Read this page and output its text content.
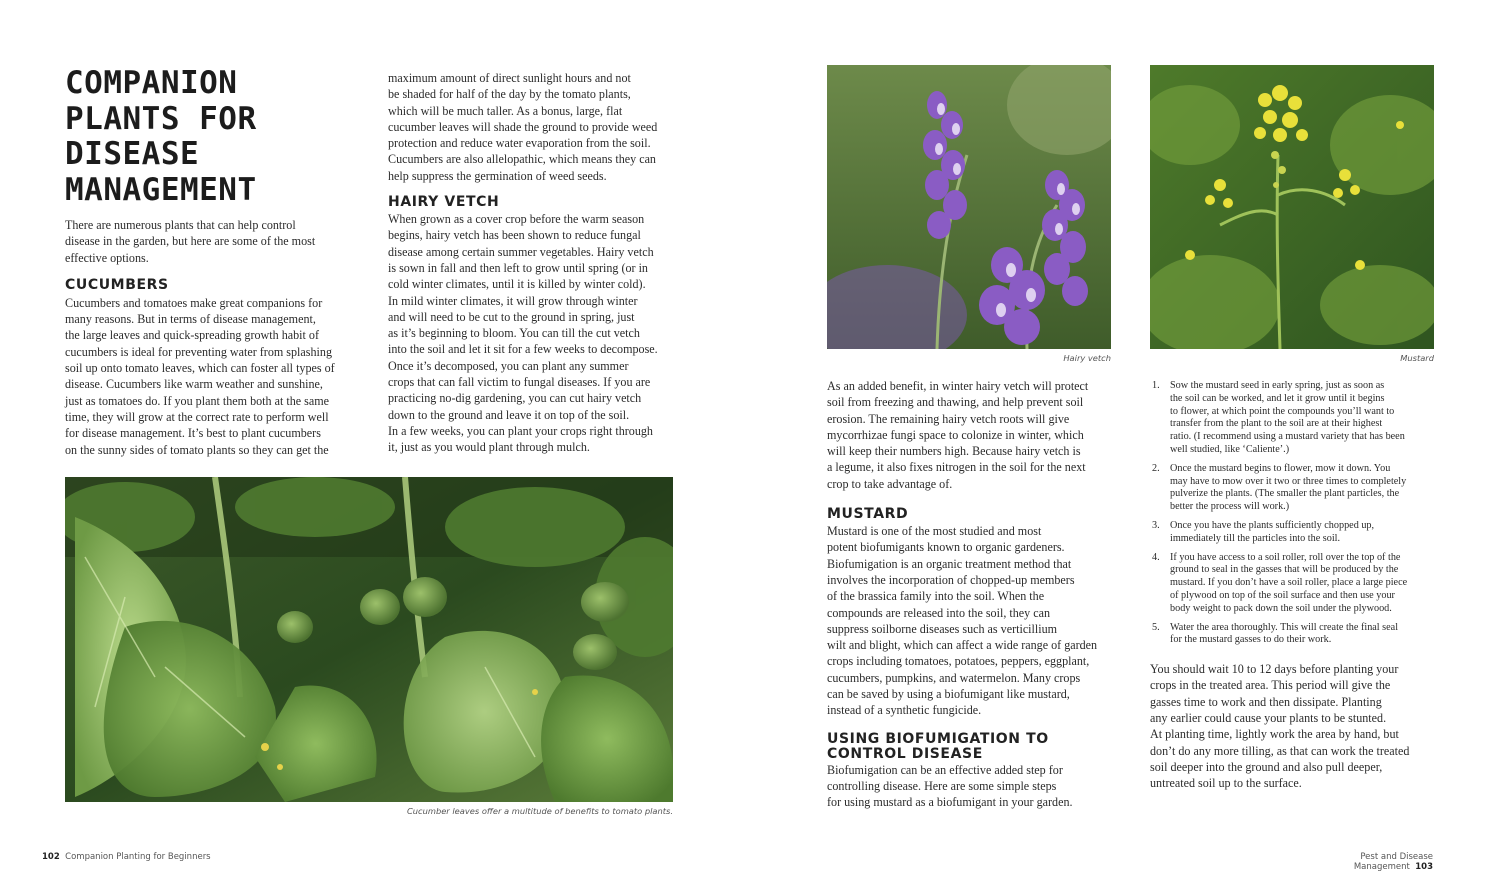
COMPANION
PLANTS FOR
DISEASE
MANAGEMENT

There are numerous plants that can help control
disease in the garden, but here are some of the most
effective options.

CUCUMBERS

Cucumbers and tomatoes make great companions for
many reasons. But in terms of disease management,
the large leaves and quick-spreading growth habit of
cucumbers is ideal for preventing water from splashing
soil up onto tomato leaves, which can foster all types of
disease. Cucumbers like warm weather and sunshine,
just as tomatoes do. If you plant them both at the same
time, they will grow at the correct rate to perform well
for disease management. It’s best to plant cucumbers
on the sunny sides of tomato plants so they can get the

maximum amount of direct sunlight hours and not
be shaded for half of the day by the tomato plants,
which will be much taller. As a bonus, large, flat
cucumber leaves will shade the ground to provide weed
protection and reduce water evaporation from the soil.
Cucumbers are also allelopathic, which means they can
help suppress the germination of weed seeds.

HAIRY VETCH

When grown as a cover crop before the warm season
begins, hairy vetch has been shown to reduce fungal
disease among certain summer vegetables. Hairy vetch
is sown in fall and then left to grow until spring (or in
cold winter climates, until it is killed by winter cold).
In mild winter climates, it will grow through winter
and will need to be cut to the ground in spring, just
as it’s beginning to bloom. You can till the cut vetch
into the soil and let it sit for a few weeks to decompose.
Once it’s decomposed, you can plant any summer
crops that can fall victim to fungal diseases. If you are
practicing no-dig gardening, you can cut hairy vetch
down to the ground and leave it on top of the soil.
In a few weeks, you can plant your crops right through
it, just as you would plant through mulch.

Cucumber leaves offer a multitude of benefits to tomato plants.

102 Companion Planting for Beginners

Hairy vetch	Mustard

As an added benefit, in winter hairy vetch will protect
soil from freezing and thawing, and help prevent soil
erosion. The remaining hairy vetch roots will give
mycorrhizae fungi space to colonize in winter, which
will keep their numbers high. Because hairy vetch is
a legume, it also fixes nitrogen in the soil for the next
crop to take advantage of.

MUSTARD

Mustard is one of the most studied and most
potent biofumigants known to organic gardeners.
Biofumigation is an organic treatment method that
involves the incorporation of chopped-up members
of the brassica family into the soil. When the
compounds are released into the soil, they can
suppress soilborne diseases such as verticillium
wilt and blight, which can affect a wide range of garden
crops including tomatoes, potatoes, peppers, eggplant,
cucumbers, pumpkins, and watermelon. Many crops
can be saved by using a biofumigant like mustard,
instead of a synthetic fungicide.

USING BIOFUMIGATION TO
CONTROL DISEASE

Biofumigation can be an effective added step for
controlling disease. Here are some simple steps
for using mustard as a biofumigant in your garden.

1. Sow the mustard seed in early spring, just as soon as
the soil can be worked, and let it grow until it begins
to flower, at which point the compounds you’ll want to
transfer from the plant to the soil are at their highest
ratio. (I recommend using a mustard variety that has been
well studied, like ‘Caliente’.)
2. Once the mustard begins to flower, mow it down. You
may have to mow over it two or three times to completely
pulverize the plants. (The smaller the plant particles, the
better the process will work.)
3. Once you have the plants sufficiently chopped up,
immediately till the particles into the soil.
4. If you have access to a soil roller, roll over the top of the
ground to seal in the gasses that will be produced by the
mustard. If you don’t have a soil roller, place a large piece
of plywood on top of the soil surface and then use your
body weight to pack down the soil under the plywood.
5. Water the area thoroughly. This will create the final seal
for the mustard gasses to do their work.

You should wait 10 to 12 days before planting your
crops in the treated area. This period will give the
gasses time to work and then dissipate. Planting
any earlier could cause your plants to be stunted.
At planting time, lightly work the area by hand, but
don’t do any more tilling, as that can work the treated
soil deeper into the ground and also pull deeper,
untreated soil up to the surface.

Pest and Disease Management 103
